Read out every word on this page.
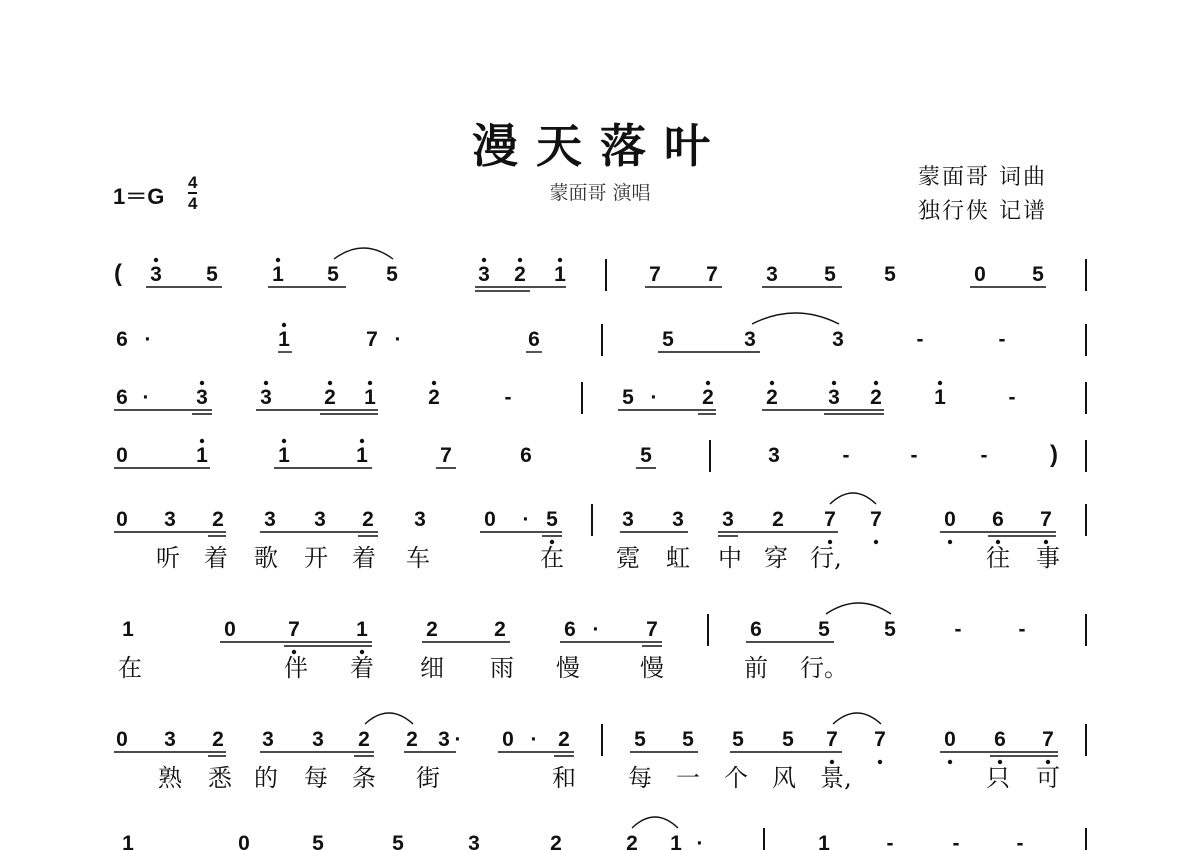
漫天落叶
蒙面哥 演唱
1＝G
4
4
蒙面哥 词曲
独行侠 记谱
( 3 5	1 5 5	3 2 1	7 7 3 5 5	0 5
6 ·	1	7 ·	6	5	3	3	-	-
6 · 3 3 2 1 2	-	5 · 2 2 3 2 1	-
0	1	1	1	7	6	5	3	-	-	-	)
0 3 2 3 3 2 3	0 · 5	3 3 3 2 7 7	0 6 7
1	0 7	1	2	2	6 · 7	6	5	5	-	-
0 3 2 3 3 2 2 3 · 0 · 2	5 5 5 5 7 7	0 6 7
1	0	5	5	3	2	2 1 ·	1	-	-	-
听 着 歌 开 着 车	在 霓 虹 中 穿 行,	往 事
在	伴 着 细 雨 慢	慢	前 行。
熟 悉 的 每 条 街	和 每 一 个 风 景,	只 可
